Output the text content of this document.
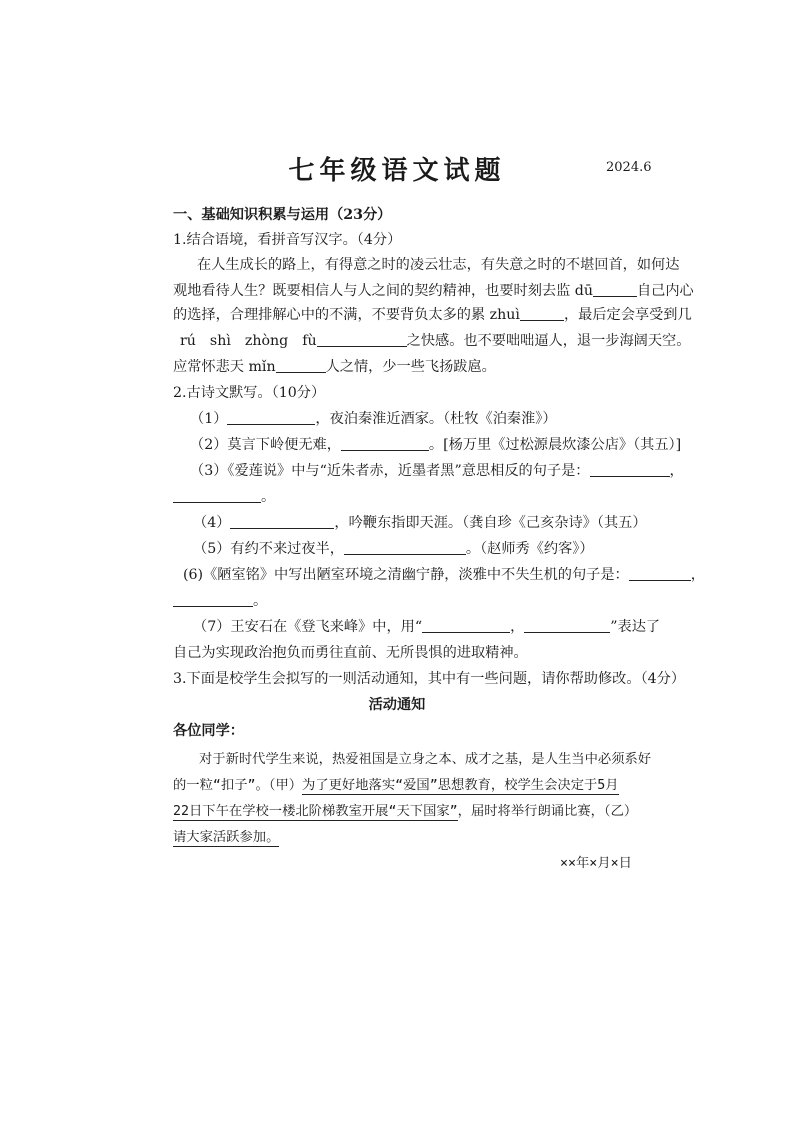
七年级语文试题	2024.6
一、基础知识积累与运用（23分）
1.结合语境，看拼音写汉字。（4分）
在人生成长的路上，有得意之时的凌云壮志，有失意之时的不堪回首，如何达
观地看待人生？既要相信人与人之间的契约精神，也要时刻去监 dū	自己内心
的选择，合理排解心中的不满，不要背负太多的累 zhuì	，最后定会享受到几
rú shì zhòng fù	之快感。也不要咄咄逼人，退一步海阔天空。
应常怀悲天 mǐn	人之情，少一些飞扬跋扈。
2.古诗文默写。（10分）
（1）	，夜泊秦淮近酒家。（杜牧《泊秦淮》）
（2）莫言下岭便无难，	。[杨万里《过松源晨炊漆公店》（其五）]
（3）《爱莲说》中与“近朱者赤，近墨者黑”意思相反的句子是：	，
。
（4）	，吟鞭东指即天涯。（龚自珍《己亥杂诗》（其五）
（5）有约不来过夜半，	。（赵师秀《约客》）
(6)《陋室铭》中写出陋室环境之清幽宁静，淡雅中不失生机的句子是：	，
。
（7）王安石在《登飞来峰》中，用“	，	”表达了
自己为实现政治抱负而勇往直前、无所畏惧的进取精神。
3.下面是校学生会拟写的一则活动通知，其中有一些问题，请你帮助修改。（4分）
活动通知
各位同学：
对于新时代学生来说，热爱祖国是立身之本、成才之基，是人生当中必须系好
的一粒“扣子”。（甲）为了更好地落实“爱国”思想教育，校学生会决定于5月
22日下午在学校一楼北阶梯教室开展“天下国家”，届时将举行朗诵比赛，（乙）
请大家活跃参加。
××年×月×日
